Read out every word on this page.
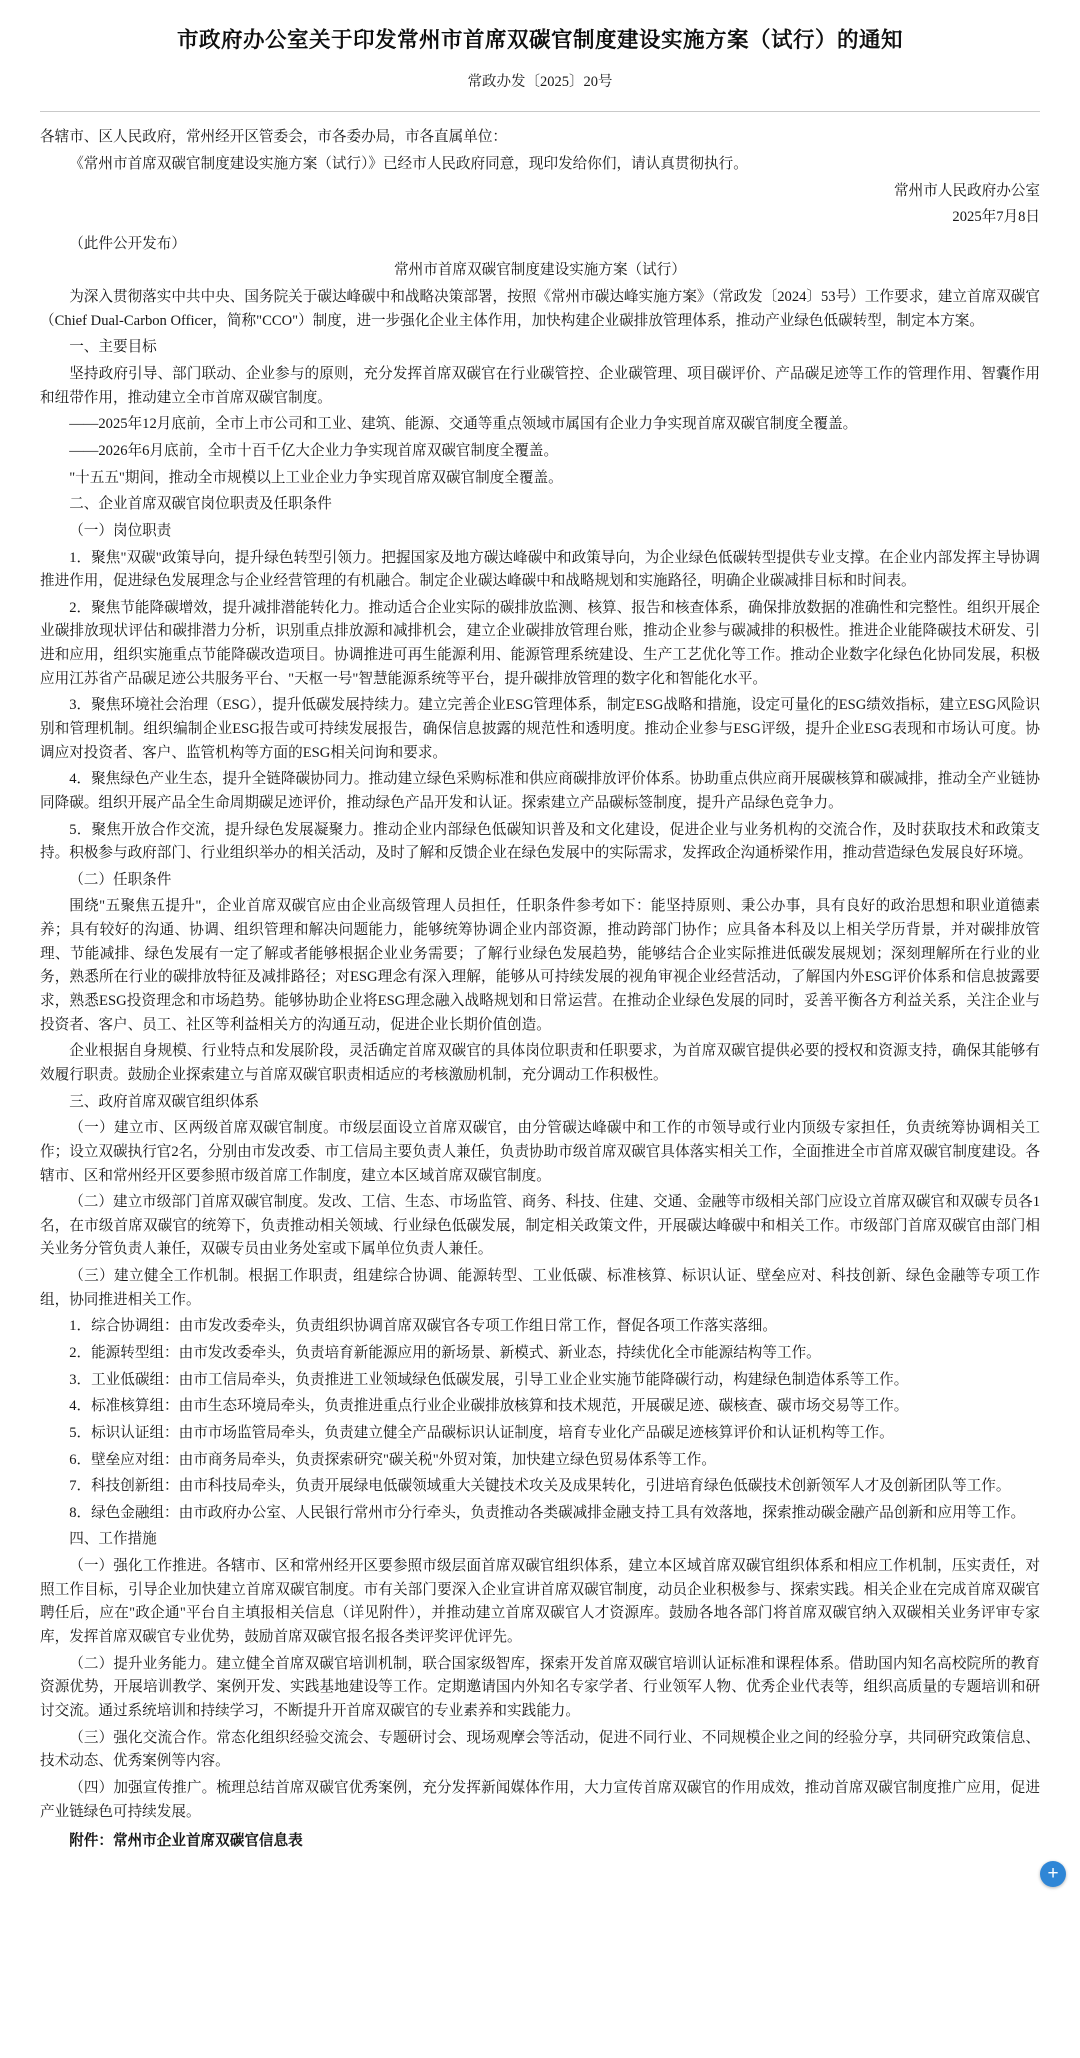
市政府办公室关于印发常州市首席双碳官制度建设实施方案（试行）的通知
常政办发〔2025〕20号

各辖市、区人民政府，常州经开区管委会，市各委办局，市各直属单位：

《常州市首席双碳官制度建设实施方案（试行）》已经市人民政府同意，现印发给你们，请认真贯彻执行。

常州市人民政府办公室

2025年7月8日

（此件公开发布）

常州市首席双碳官制度建设实施方案（试行）

为深入贯彻落实中共中央、国务院关于碳达峰碳中和战略决策部署，按照《常州市碳达峰实施方案》（常政发〔2024〕53号）工作要求，建立首席双碳官（Chief Dual-Carbon Officer，简称"CCO"）制度，进一步强化企业主体作用，加快构建企业碳排放管理体系，推动产业绿色低碳转型，制定本方案。

一、主要目标

坚持政府引导、部门联动、企业参与的原则，充分发挥首席双碳官在行业碳管控、企业碳管理、项目碳评价、产品碳足迹等工作的管理作用、智囊作用和纽带作用，推动建立全市首席双碳官制度。

——2025年12月底前，全市上市公司和工业、建筑、能源、交通等重点领域市属国有企业力争实现首席双碳官制度全覆盖。

——2026年6月底前，全市十百千亿大企业力争实现首席双碳官制度全覆盖。

"十五五"期间，推动全市规模以上工业企业力争实现首席双碳官制度全覆盖。

二、企业首席双碳官岗位职责及任职条件

（一）岗位职责

1．聚焦"双碳"政策导向，提升绿色转型引领力。把握国家及地方碳达峰碳中和政策导向，为企业绿色低碳转型提供专业支撑。在企业内部发挥主导协调推进作用，促进绿色发展理念与企业经营管理的有机融合。制定企业碳达峰碳中和战略规划和实施路径，明确企业碳减排目标和时间表。

2．聚焦节能降碳增效，提升减排潜能转化力。推动适合企业实际的碳排放监测、核算、报告和核查体系，确保排放数据的准确性和完整性。组织开展企业碳排放现状评估和碳排潜力分析，识别重点排放源和减排机会，建立企业碳排放管理台账，推动企业参与碳减排的积极性。推进企业能降碳技术研发、引进和应用，组织实施重点节能降碳改造项目。协调推进可再生能源利用、能源管理系统建设、生产工艺优化等工作。推动企业数字化绿色化协同发展，积极应用江苏省产品碳足迹公共服务平台、"天枢一号"智慧能源系统等平台，提升碳排放管理的数字化和智能化水平。

3．聚焦环境社会治理（ESG），提升低碳发展持续力。建立完善企业ESG管理体系，制定ESG战略和措施，设定可量化的ESG绩效指标，建立ESG风险识别和管理机制。组织编制企业ESG报告或可持续发展报告，确保信息披露的规范性和透明度。推动企业参与ESG评级，提升企业ESG表现和市场认可度。协调应对投资者、客户、监管机构等方面的ESG相关问询和要求。

4．聚焦绿色产业生态，提升全链降碳协同力。推动建立绿色采购标准和供应商碳排放评价体系。协助重点供应商开展碳核算和碳减排，推动全产业链协同降碳。组织开展产品全生命周期碳足迹评价，推动绿色产品开发和认证。探索建立产品碳标签制度，提升产品绿色竞争力。

5．聚焦开放合作交流，提升绿色发展凝聚力。推动企业内部绿色低碳知识普及和文化建设，促进企业与业务机构的交流合作，及时获取技术和政策支持。积极参与政府部门、行业组织举办的相关活动，及时了解和反馈企业在绿色发展中的实际需求，发挥政企沟通桥梁作用，推动营造绿色发展良好环境。

（二）任职条件

围绕"五聚焦五提升"，企业首席双碳官应由企业高级管理人员担任，任职条件参考如下：能坚持原则、秉公办事，具有良好的政治思想和职业道德素养；具有较好的沟通、协调、组织管理和解决问题能力，能够统筹协调企业内部资源，推动跨部门协作；应具备本科及以上相关学历背景，并对碳排放管理、节能减排、绿色发展有一定了解或者能够根据企业业务需要；了解行业绿色发展趋势，能够结合企业实际推进低碳发展规划；深刻理解所在行业的业务，熟悉所在行业的碳排放特征及减排路径；对ESG理念有深入理解，能够从可持续发展的视角审视企业经营活动，了解国内外ESG评价体系和信息披露要求，熟悉ESG投资理念和市场趋势。能够协助企业将ESG理念融入战略规划和日常运营。在推动企业绿色发展的同时，妥善平衡各方利益关系，关注企业与投资者、客户、员工、社区等利益相关方的沟通互动，促进企业长期价值创造。

企业根据自身规模、行业特点和发展阶段，灵活确定首席双碳官的具体岗位职责和任职要求，为首席双碳官提供必要的授权和资源支持，确保其能够有效履行职责。鼓励企业探索建立与首席双碳官职责相适应的考核激励机制，充分调动工作积极性。

三、政府首席双碳官组织体系

（一）建立市、区两级首席双碳官制度。市级层面设立首席双碳官，由分管碳达峰碳中和工作的市领导或行业内顶级专家担任，负责统筹协调相关工作；设立双碳执行官2名，分别由市发改委、市工信局主要负责人兼任，负责协助市级首席双碳官具体落实相关工作，全面推进全市首席双碳官制度建设。各辖市、区和常州经开区要参照市级首席工作制度，建立本区域首席双碳官制度。

（二）建立市级部门首席双碳官制度。发改、工信、生态、市场监管、商务、科技、住建、交通、金融等市级相关部门应设立首席双碳官和双碳专员各1名，在市级首席双碳官的统筹下，负责推动相关领域、行业绿色低碳发展，制定相关政策文件，开展碳达峰碳中和相关工作。市级部门首席双碳官由部门相关业务分管负责人兼任，双碳专员由业务处室或下属单位负责人兼任。

（三）建立健全工作机制。根据工作职责，组建综合协调、能源转型、工业低碳、标准核算、标识认证、壁垒应对、科技创新、绿色金融等专项工作组，协同推进相关工作。

1．综合协调组：由市发改委牵头，负责组织协调首席双碳官各专项工作组日常工作，督促各项工作落实落细。

2．能源转型组：由市发改委牵头，负责培育新能源应用的新场景、新模式、新业态，持续优化全市能源结构等工作。

3．工业低碳组：由市工信局牵头，负责推进工业领域绿色低碳发展，引导工业企业实施节能降碳行动，构建绿色制造体系等工作。

4．标准核算组：由市生态环境局牵头，负责推进重点行业企业碳排放核算和技术规范，开展碳足迹、碳核查、碳市场交易等工作。

5．标识认证组：由市市场监管局牵头，负责建立健全产品碳标识认证制度，培育专业化产品碳足迹核算评价和认证机构等工作。

6．壁垒应对组：由市商务局牵头，负责探索研究"碳关税"外贸对策，加快建立绿色贸易体系等工作。

7．科技创新组：由市科技局牵头，负责开展绿电低碳领域重大关键技术攻关及成果转化，引进培育绿色低碳技术创新领军人才及创新团队等工作。

8．绿色金融组：由市政府办公室、人民银行常州市分行牵头，负责推动各类碳减排金融支持工具有效落地，探索推动碳金融产品创新和应用等工作。

四、工作措施

（一）强化工作推进。各辖市、区和常州经开区要参照市级层面首席双碳官组织体系，建立本区域首席双碳官组织体系和相应工作机制，压实责任，对照工作目标，引导企业加快建立首席双碳官制度。市有关部门要深入企业宣讲首席双碳官制度，动员企业积极参与、探索实践。相关企业在完成首席双碳官聘任后，应在"政企通"平台自主填报相关信息（详见附件），并推动建立首席双碳官人才资源库。鼓励各地各部门将首席双碳官纳入双碳相关业务评审专家库，发挥首席双碳官专业优势，鼓励首席双碳官报名报各类评奖评优评先。

（二）提升业务能力。建立健全首席双碳官培训机制，联合国家级智库，探索开发首席双碳官培训认证标准和课程体系。借助国内知名高校院所的教育资源优势，开展培训教学、案例开发、实践基地建设等工作。定期邀请国内外知名专家学者、行业领军人物、优秀企业代表等，组织高质量的专题培训和研讨交流。通过系统培训和持续学习，不断提升开首席双碳官的专业素养和实践能力。

（三）强化交流合作。常态化组织经验交流会、专题研讨会、现场观摩会等活动，促进不同行业、不同规模企业之间的经验分享，共同研究政策信息、技术动态、优秀案例等内容。

（四）加强宣传推广。梳理总结首席双碳官优秀案例，充分发挥新闻媒体作用，大力宣传首席双碳官的作用成效，推动首席双碳官制度推广应用，促进产业链绿色可持续发展。

附件：常州市企业首席双碳官信息表

+
